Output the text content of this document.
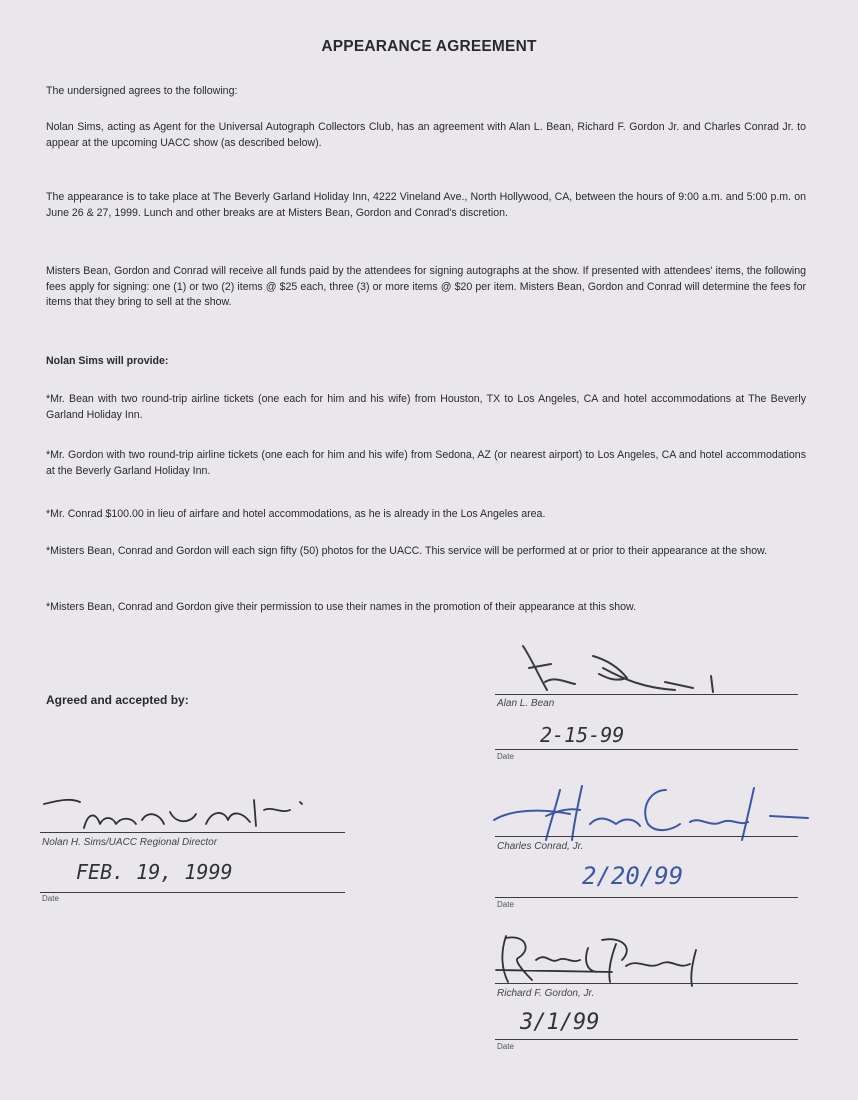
APPEARANCE AGREEMENT

The undersigned agrees to the following:

Nolan Sims, acting as Agent for the Universal Autograph Collectors Club, has an agreement with Alan L. Bean, Richard F. Gordon Jr. and Charles Conrad Jr. to appear at the upcoming UACC show (as described below).

The appearance is to take place at The Beverly Garland Holiday Inn, 4222 Vineland Ave., North Hollywood, CA, between the hours of 9:00 a.m. and 5:00 p.m. on June 26 & 27, 1999. Lunch and other breaks are at Misters Bean, Gordon and Conrad's discretion.

Misters Bean, Gordon and Conrad will receive all funds paid by the attendees for signing autographs at the show. If presented with attendees' items, the following fees apply for signing: one (1) or two (2) items @ $25 each, three (3) or more items @ $20 per item. Misters Bean, Gordon and Conrad will determine the fees for items that they bring to sell at the show.

Nolan Sims will provide:

*Mr. Bean with two round-trip airline tickets (one each for him and his wife) from Houston, TX to Los Angeles, CA and hotel accommodations at The Beverly Garland Holiday Inn.

*Mr. Gordon with two round-trip airline tickets (one each for him and his wife) from Sedona, AZ (or nearest airport) to Los Angeles, CA and hotel accommodations at the Beverly Garland Holiday Inn.

*Mr. Conrad $100.00 in lieu of airfare and hotel accommodations, as he is already in the Los Angeles area.

*Misters Bean, Conrad and Gordon will each sign fifty (50) photos for the UACC. This service will be performed at or prior to their appearance at the show.

*Misters Bean, Conrad and Gordon give their permission to use their names in the promotion of their appearance at this show.

Agreed and accepted by:	Alan L. Bean
2-15-99
Date
Charles Conrad, Jr.
2/20/99
Date
Richard F. Gordon, Jr.
3/1/99
Date
Nolan H. Sims/UACC Regional Director
FEB. 19, 1999
Date
